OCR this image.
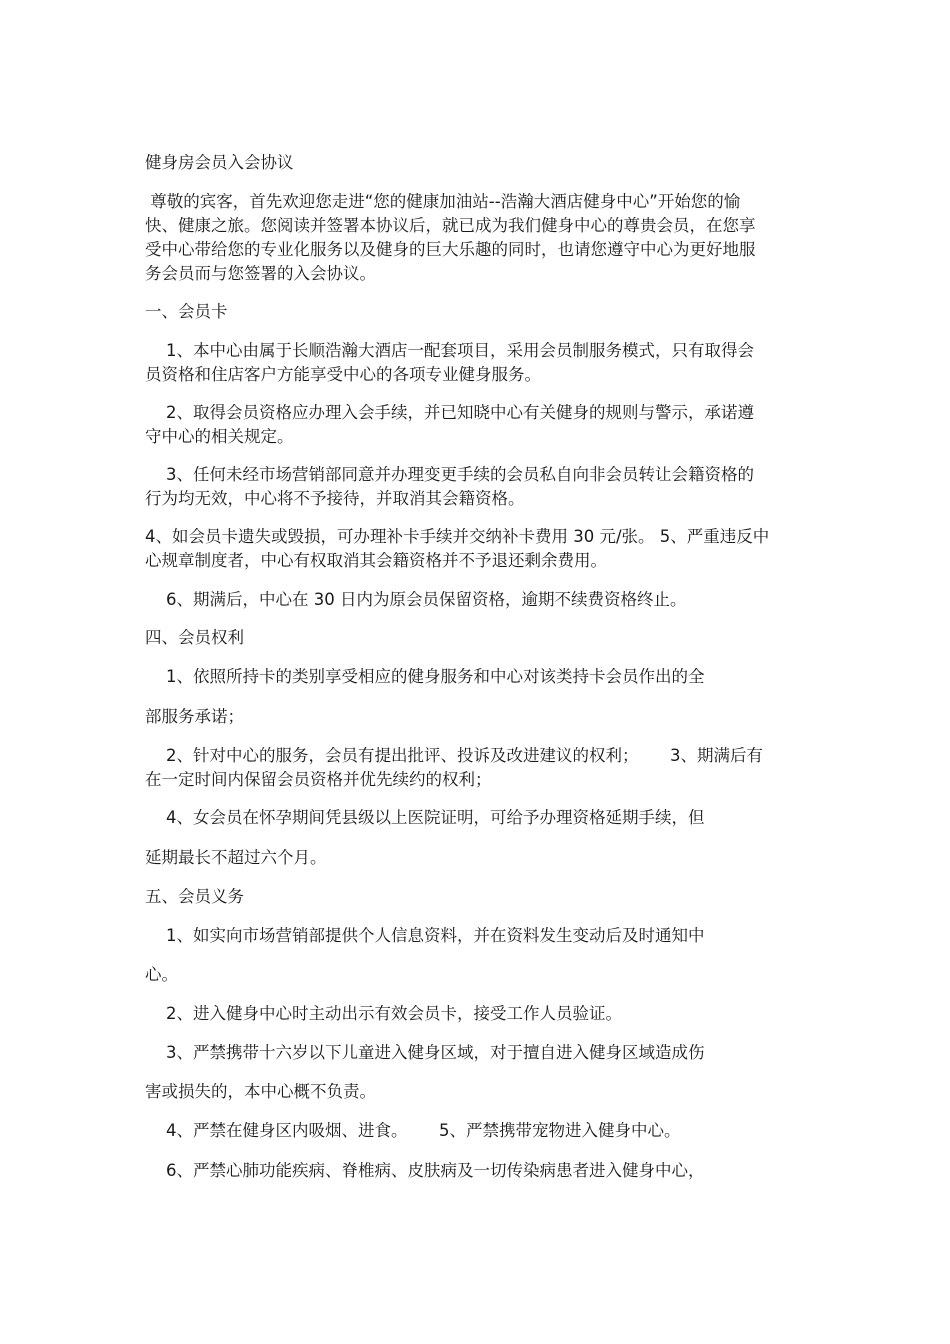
健身房会员入会协议
尊敬的宾客，首先欢迎您走进“您的健康加油站--浩瀚大酒店健身中心”开始您的愉
快、健康之旅。您阅读并签署本协议后，就已成为我们健身中心的尊贵会员，在您享
受中心带给您的专业化服务以及健身的巨大乐趣的同时，也请您遵守中心为更好地服
务会员而与您签署的入会协议。
一、会员卡
1、本中心由属于长顺浩瀚大酒店一配套项目，采用会员制服务模式，只有取得会
员资格和住店客户方能享受中心的各项专业健身服务。
2、取得会员资格应办理入会手续，并已知晓中心有关健身的规则与警示，承诺遵
守中心的相关规定。
3、任何未经市场营销部同意并办理变更手续的会员私自向非会员转让会籍资格的
行为均无效，中心将不予接待，并取消其会籍资格。
4、如会员卡遗失或毁损，可办理补卡手续并交纳补卡费用 30 元/张。 5、严重违反中
心规章制度者，中心有权取消其会籍资格并不予退还剩余费用。
6、期满后，中心在 30 日内为原会员保留资格，逾期不续费资格终止。
四、会员权利
1、依照所持卡的类别享受相应的健身服务和中心对该类持卡会员作出的全
部服务承诺；
2、针对中心的服务，会员有提出批评、投诉及改进建议的权利；      3、期满后有
在一定时间内保留会员资格并优先续约的权利；
4、女会员在怀孕期间凭县级以上医院证明，可给予办理资格延期手续，但
延期最长不超过六个月。
五、会员义务
1、如实向市场营销部提供个人信息资料，并在资料发生变动后及时通知中
心。
2、进入健身中心时主动出示有效会员卡，接受工作人员验证。
3、严禁携带十六岁以下儿童进入健身区域，对于擅自进入健身区域造成伤
害或损失的，本中心概不负责。
4、严禁在健身区内吸烟、进食。      5、严禁携带宠物进入健身中心。
6、严禁心肺功能疾病、脊椎病、皮肤病及一切传染病患者进入健身中心，
